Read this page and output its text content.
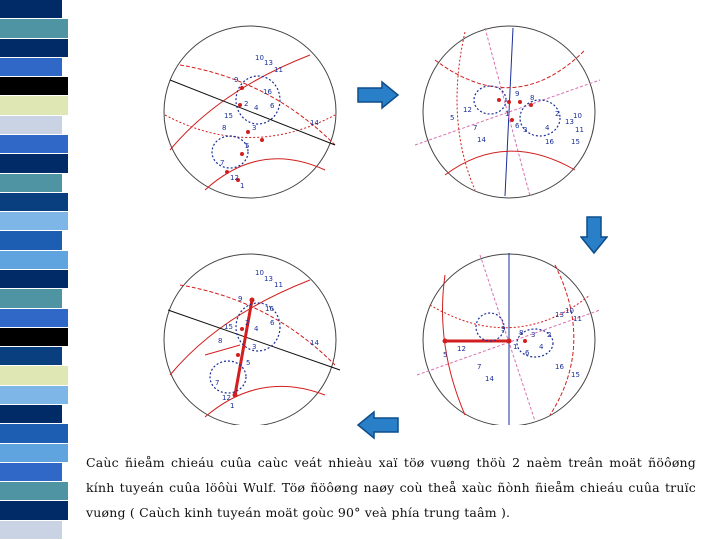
10
13
11
9
16
6
2 4
15
14
8	3
5
7
12
1
5
12
9
1
8
6 3	4
2
13
10
11
16
7
14	15
10
13
11
9
16
6
2
4
15
14
8
3
5
7
12
1
5
12
9
1
8
6
3
4
2
13 10
11
16
7
14	15
Caùc ñieåm chieáu cuûa caùc veát nhieàu xaï töø vuøng thöù 2 naèm treân moät ñöôøng kính tuyeán cuûa löôùi Wulf. Töø ñöôøng naøy coù theå xaùc ñònh ñieåm chieáu cuûa truïc vuøng ( Caùch kinh tuyeán moät goùc 90° veà phía trung taâm ).
